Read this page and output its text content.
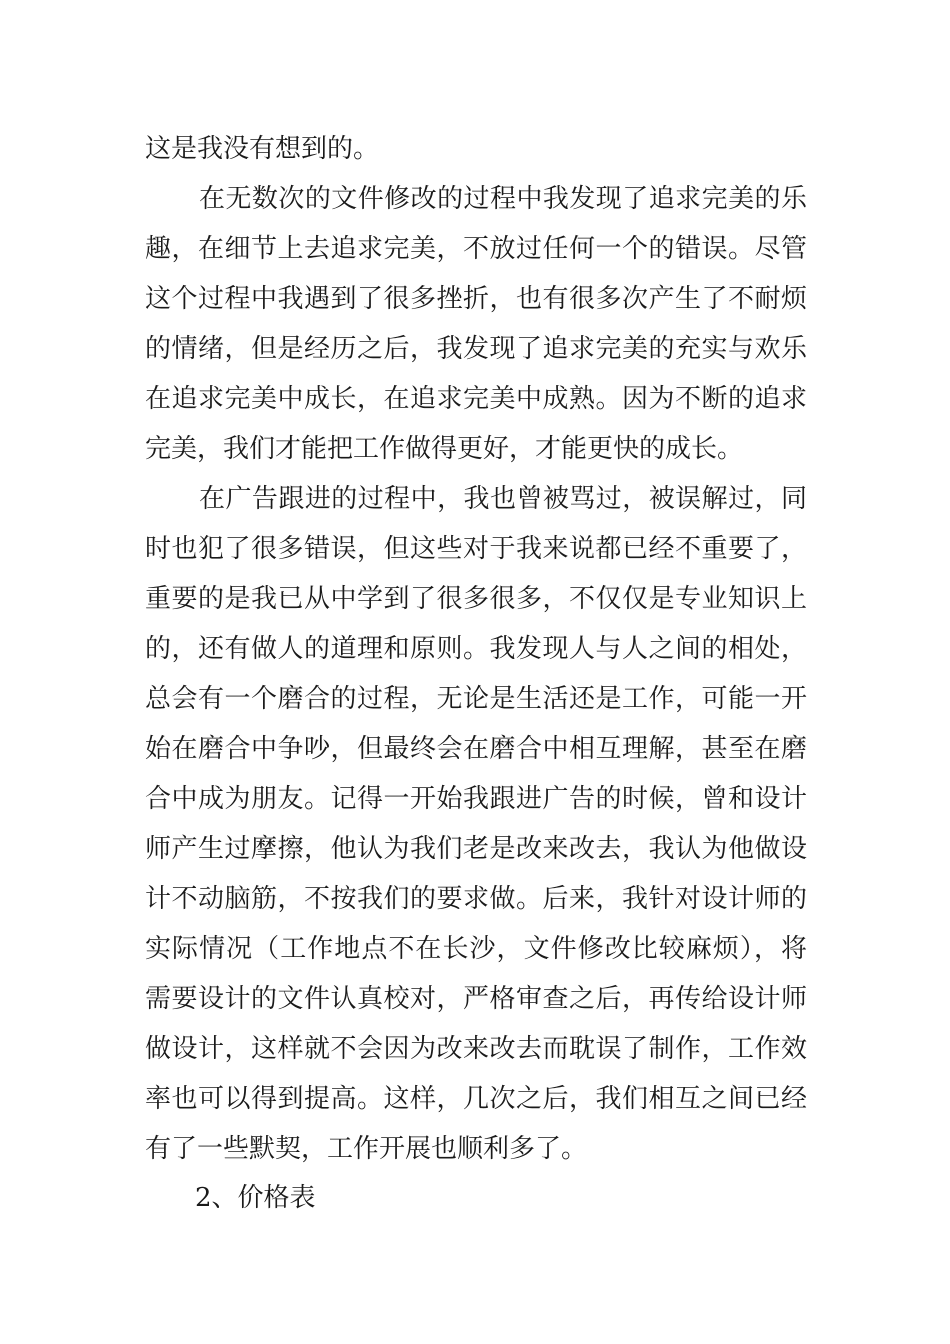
这是我没有想到的。
在无数次的文件修改的过程中我发现了追求完美的乐
趣，在细节上去追求完美，不放过任何一个的错误。尽管
这个过程中我遇到了很多挫折，也有很多次产生了不耐烦
的情绪，但是经历之后，我发现了追求完美的充实与欢乐
在追求完美中成长，在追求完美中成熟。因为不断的追求
完美，我们才能把工作做得更好，才能更快的成长。
在广告跟进的过程中，我也曾被骂过，被误解过，同
时也犯了很多错误，但这些对于我来说都已经不重要了，
重要的是我已从中学到了很多很多，不仅仅是专业知识上
的，还有做人的道理和原则。我发现人与人之间的相处，
总会有一个磨合的过程，无论是生活还是工作，可能一开
始在磨合中争吵，但最终会在磨合中相互理解，甚至在磨
合中成为朋友。记得一开始我跟进广告的时候，曾和设计
师产生过摩擦，他认为我们老是改来改去，我认为他做设
计不动脑筋，不按我们的要求做。后来，我针对设计师的
实际情况（工作地点不在长沙，文件修改比较麻烦），将
需要设计的文件认真校对，严格审查之后，再传给设计师
做设计，这样就不会因为改来改去而耽误了制作，工作效
率也可以得到提高。这样，几次之后，我们相互之间已经
有了一些默契，工作开展也顺利多了。
2、价格表
